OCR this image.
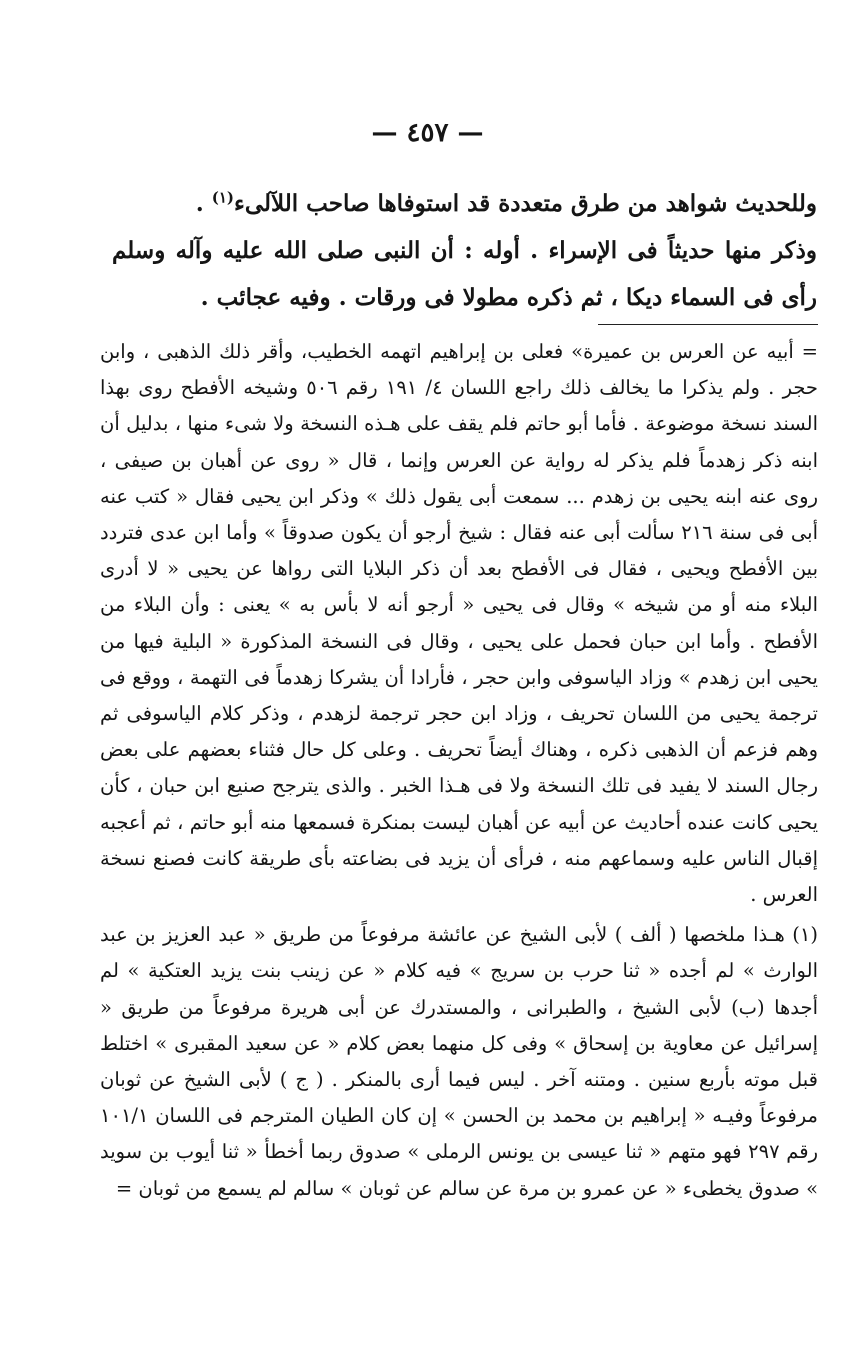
— ٤٥٧ —

وللحديث شواهد من طرق متعددة قد استوفاها صاحب اللآلىء$^{(١)}$ .

وذكر منها حديثاً فى الإسراء . أوله : أن النبى صلى الله عليه وآله وسلم رأى فى السماء ديكا ، ثم ذكره مطولا فى ورقات . وفيه عجائب .

= أبيه عن العرس بن عميرة» فعلى بن إبراهيم اتهمه الخطيب، وأقر ذلك الذهبى ، وابن حجر . ولم يذكرا ما يخالف ذلك راجع اللسان ٤/ ١٩١ رقم ٥٠٦ وشيخه الأفطح روى بهذا السند نسخة موضوعة . فأما أبو حاتم فلم يقف على هـذه النسخة ولا شىء منها ، بدليل أن ابنه ذكر زهدماً فلم يذكر له رواية عن العرس وإنما ، قال « روى عن أهبان بن صيفى ، روى عنه ابنه يحيى بن زهدم ... سمعت أبى يقول ذلك » وذكر ابن يحيى فقال « كتب عنه أبى فى سنة ٢١٦ سألت أبى عنه فقال : شيخ أرجو أن يكون صدوقاً » وأما ابن عدى فتردد بين الأفطح ويحيى ، فقال فى الأفطح بعد أن ذكر البلايا التى رواها عن يحيى « لا أدرى البلاء منه أو من شيخه » وقال فى يحيى « أرجو أنه لا بأس به » يعنى : وأن البلاء من الأفطح . وأما ابن حبان فحمل على يحيى ، وقال فى النسخة المذكورة « البلية فيها من يحيى ابن زهدم » وزاد الياسوفى وابن حجر ، فأرادا أن يشركا زهدماً فى التهمة ، ووقع فى ترجمة يحيى من اللسان تحريف ، وزاد ابن حجر ترجمة لزهدم ، وذكر كلام الياسوفى ثم وهم فزعم أن الذهبى ذكره ، وهناك أيضاً تحريف . وعلى كل حال فثناء بعضهم على بعض رجال السند لا يفيد فى تلك النسخة ولا فى هـذا الخبر . والذى يترجح صنيع ابن حبان ، كأن يحيى كانت عنده أحاديث عن أبيه عن أهبان ليست بمنكرة فسمعها منه أبو حاتم ، ثم أعجبه إقبال الناس عليه وسماعهم منه ، فرأى أن يزيد فى بضاعته بأى طريقة كانت فصنع نسخة العرس .

(١) هـذا ملخصها ( ألف ) لأبى الشيخ عن عائشة مرفوعاً من طريق « عبد العزيز بن عبد الوارث » لم أجده « ثنا حرب بن سريج » فيه كلام « عن زينب بنت يزيد العتكية » لم أجدها (ب) لأبى الشيخ ، والطبرانى ، والمستدرك عن أبى هريرة مرفوعاً من طريق « إسرائيل عن معاوية بن إسحاق » وفى كل منهما بعض كلام « عن سعيد المقبرى » اختلط قبل موته بأربع سنين . ومتنه آخر . ليس فيما أرى بالمنكر . ( ج ) لأبى الشيخ عن ثوبان مرفوعاً وفيـه « إبراهيم بن محمد بن الحسن » إن كان الطيان المترجم فى اللسان ١٠١/١ رقم ٢٩٧ فهو متهم « ثنا عيسى بن يونس الرملى » صدوق ربما أخطأ « ثنا أيوب بن سويد » صدوق يخطىء « عن عمرو بن مرة عن سالم عن ثوبان » سالم لم يسمع من ثوبان =
